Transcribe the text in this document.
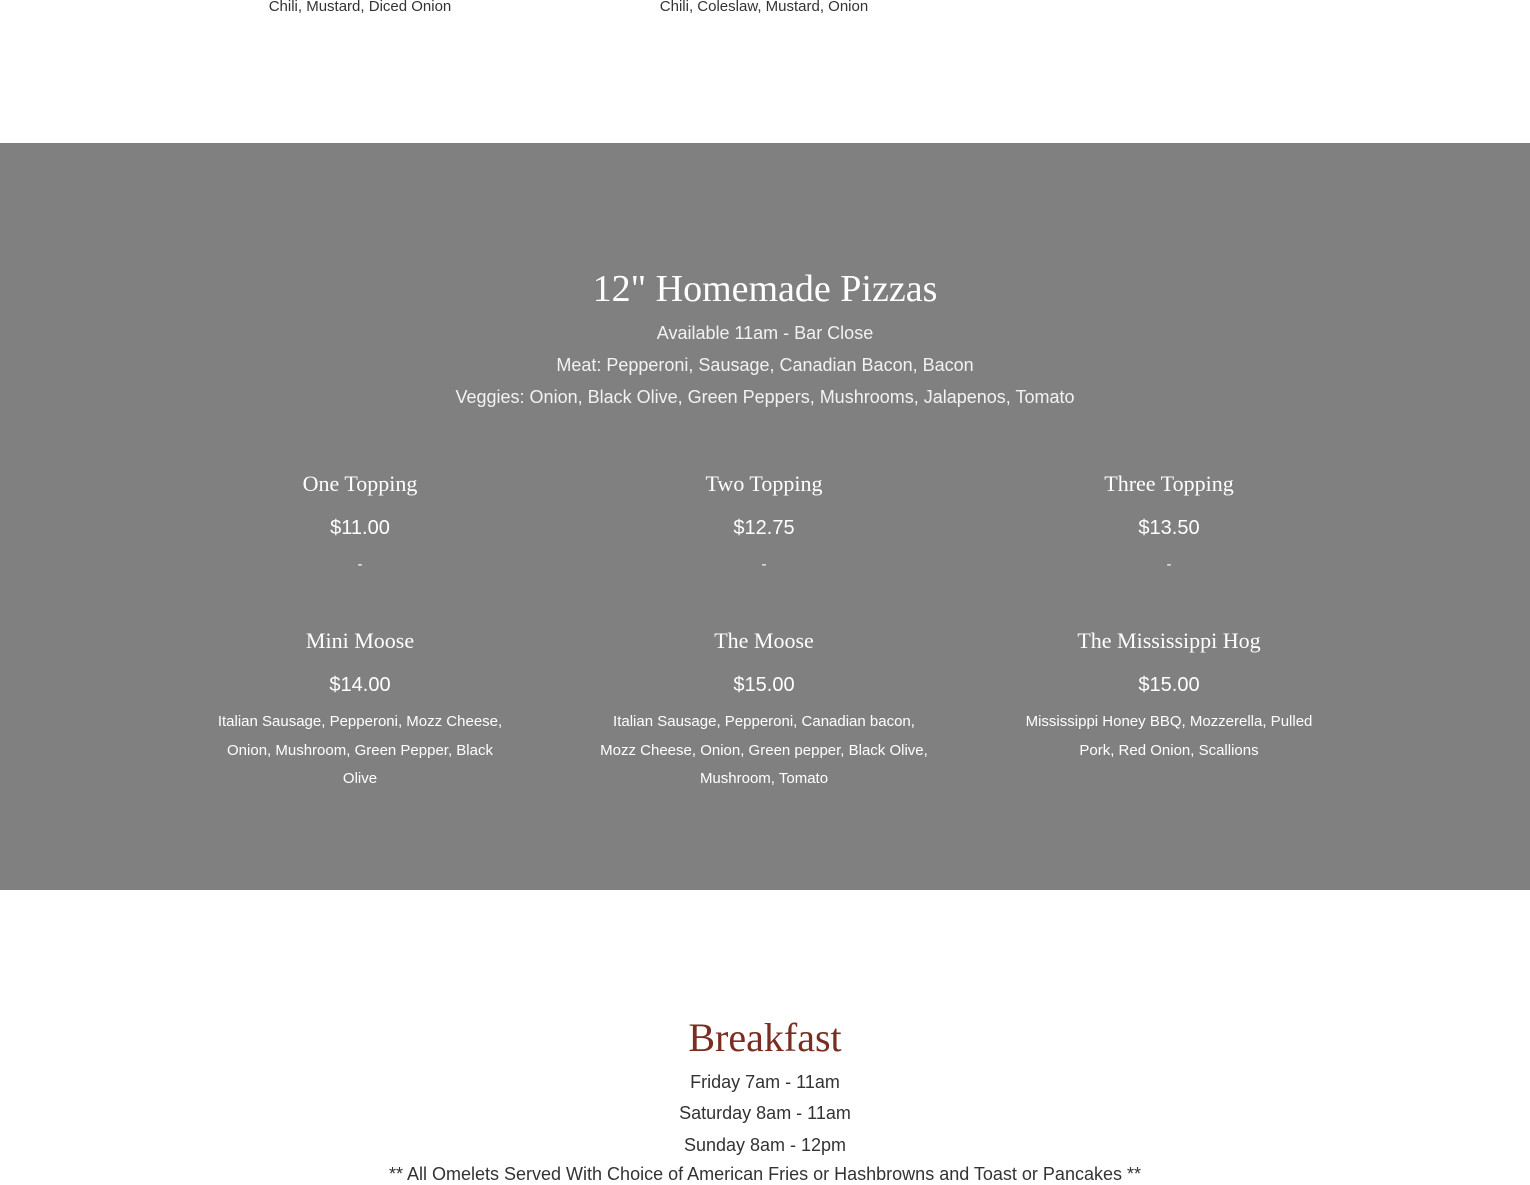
Chili, Mustard, Diced Onion	Chili, Coleslaw, Mustard, Onion
12" Homemade Pizzas
Available 11am - Bar Close
Meat: Pepperoni, Sausage, Canadian Bacon, Bacon
Veggies: Onion, Black Olive, Green Peppers, Mushrooms, Jalapenos, Tomato
One Topping
$11.00
-
Two Topping
$12.75
-
Three Topping
$13.50
-
Mini Moose
$14.00
Italian Sausage, Pepperoni, Mozz Cheese, Onion, Mushroom, Green Pepper, Black Olive
The Moose
$15.00
Italian Sausage, Pepperoni, Canadian bacon, Mozz Cheese, Onion, Green pepper, Black Olive, Mushroom, Tomato
The Mississippi Hog
$15.00
Mississippi Honey BBQ, Mozzerella, Pulled Pork, Red Onion, Scallions
Breakfast
Friday 7am - 11am
Saturday 8am - 11am
Sunday 8am - 12pm
** All Omelets Served With Choice of American Fries or Hashbrowns and Toast or Pancakes **
